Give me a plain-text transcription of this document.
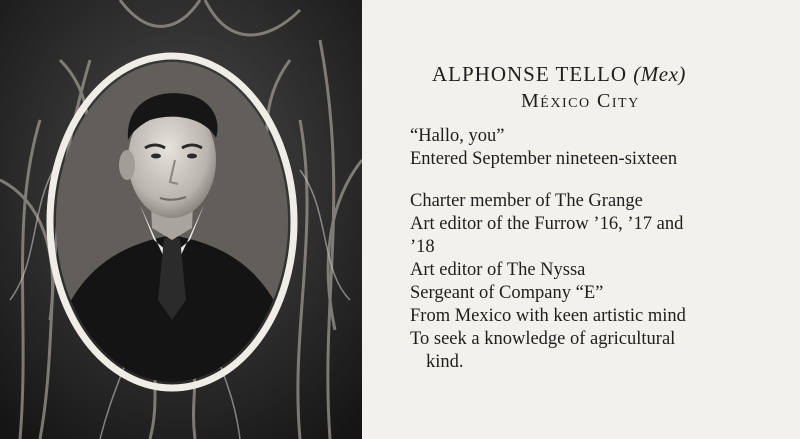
ALPHONSE TELLO (Mex)
México City
“Hallo, you”
Entered September nineteen-sixteen
Charter member of The Grange
Art editor of the Furrow ’16, ’17 and
’18
Art editor of The Nyssa
Sergeant of Company “E”
From Mexico with keen artistic mind
To seek a knowledge of agricultural
kind.
